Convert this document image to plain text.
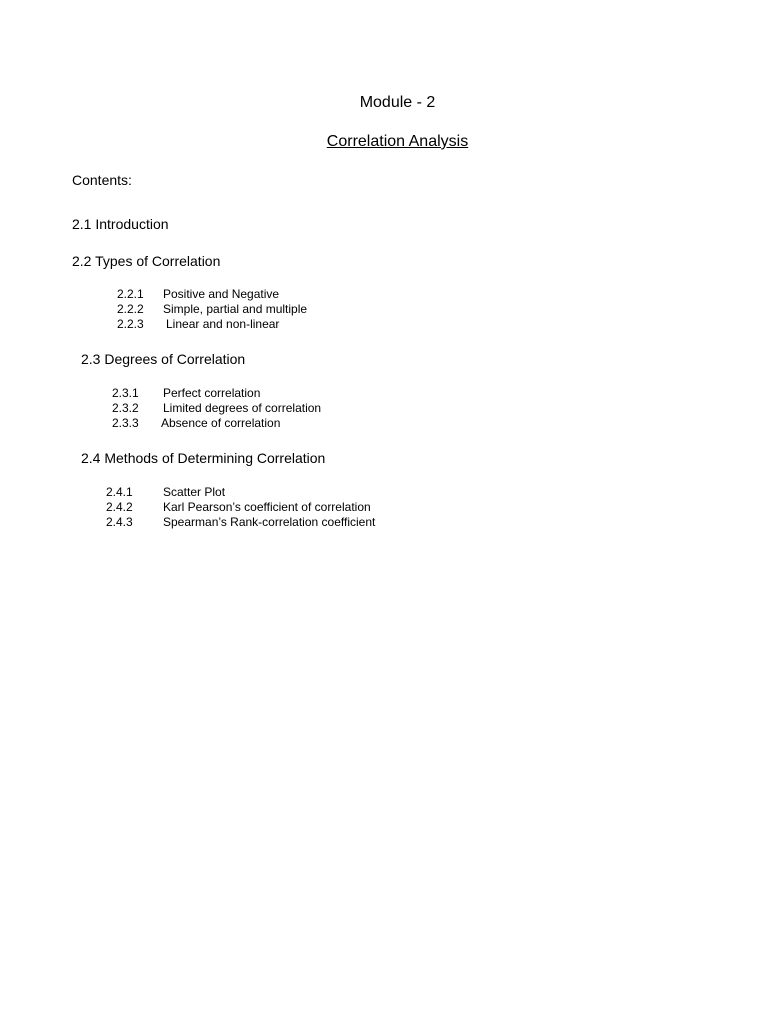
Module - 2
Correlation Analysis
Contents:
2.1 Introduction
2.2 Types of Correlation
2.2.1 Positive and Negative
2.2.2 Simple, partial and multiple
2.2.3 Linear and non-linear
2.3 Degrees of Correlation
2.3.1 Perfect correlation
2.3.2 Limited degrees of correlation
2.3.3 Absence of correlation
2.4 Methods of Determining Correlation
2.4.1	Scatter Plot
2.4.2	Karl Pearson’s coefficient of correlation
2.4.3	Spearman’s Rank-correlation coefficient
